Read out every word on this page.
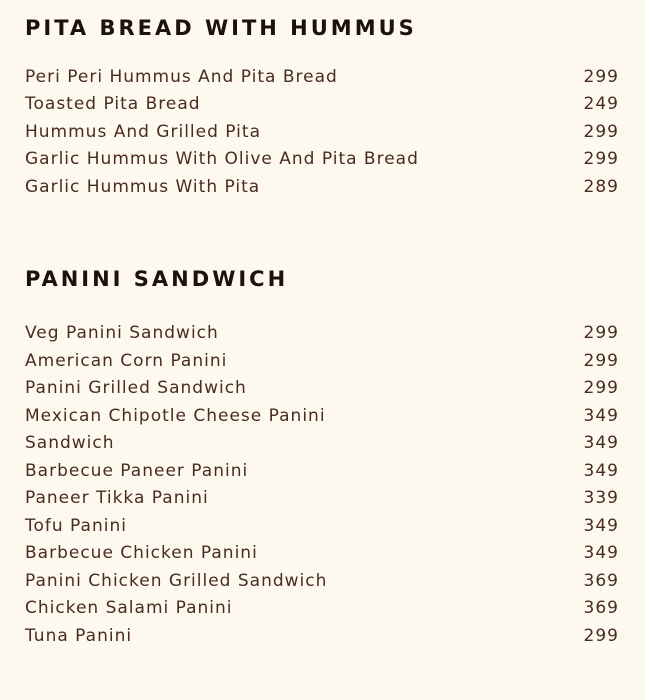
PITA BREAD WITH HUMMUS
Peri Peri Hummus And Pita Bread	299
Toasted Pita Bread	249
Hummus And Grilled Pita	299
Garlic Hummus With Olive And Pita Bread	299
Garlic Hummus With Pita	289
PANINI SANDWICH
Veg Panini Sandwich	299
American Corn Panini	299
Panini Grilled Sandwich	299
Mexican Chipotle Cheese Panini	349
Sandwich	349
Barbecue Paneer Panini	349
Paneer Tikka Panini	339
Tofu Panini	349
Barbecue Chicken Panini	349
Panini Chicken Grilled Sandwich	369
Chicken Salami Panini	369
Tuna Panini	299
